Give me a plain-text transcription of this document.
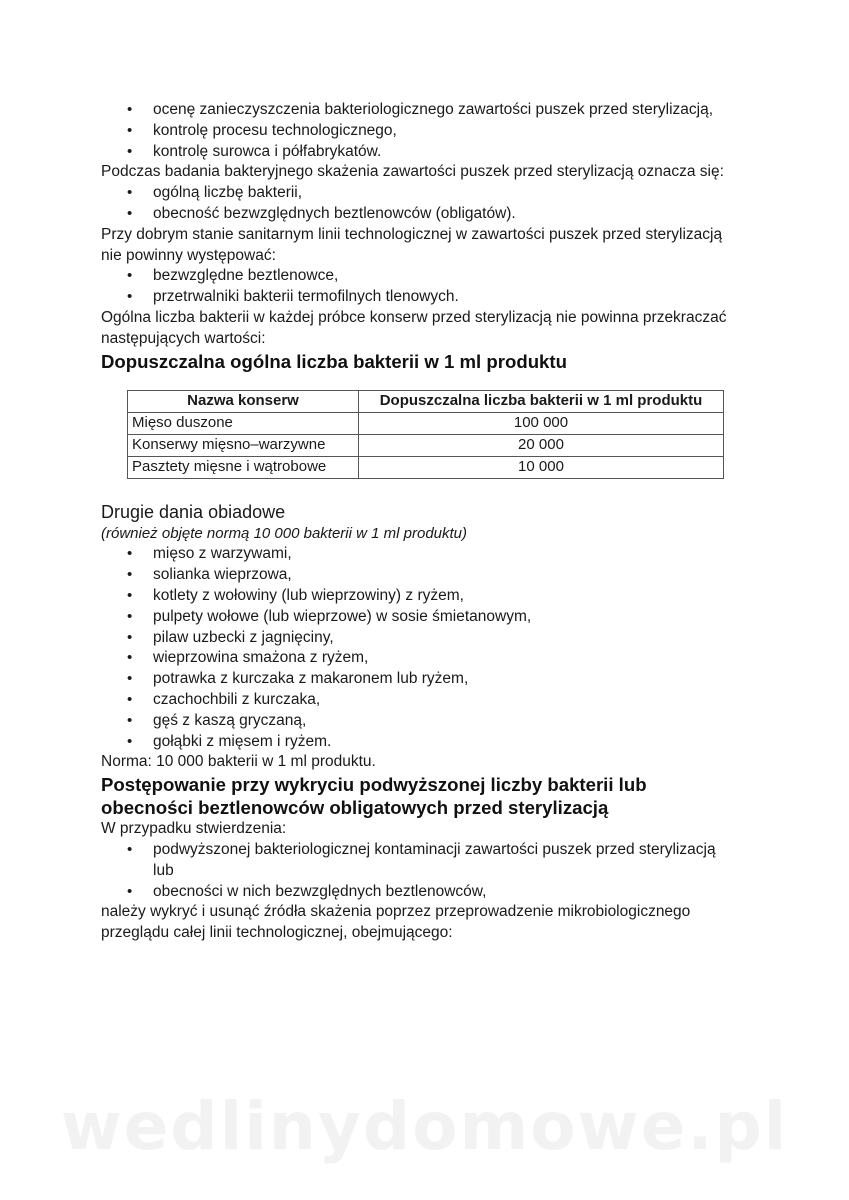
• ocenę zanieczyszczenia bakteriologicznego zawartości puszek przed sterylizacją,
• kontrolę procesu technologicznego,
• kontrolę surowca i półfabrykatów.

Podczas badania bakteryjnego skażenia zawartości puszek przed sterylizacją oznacza się:

• ogólną liczbę bakterii,
• obecność bezwzględnych beztlenowców (obligatów).

Przy dobrym stanie sanitarnym linii technologicznej w zawartości puszek przed sterylizacją nie powinny występować:

• bezwzględne beztlenowce,
• przetrwalniki bakterii termofilnych tlenowych.

Ogólna liczba bakterii w każdej próbce konserw przed sterylizacją nie powinna przekraczać następujących wartości:

Dopuszczalna ogólna liczba bakterii w 1 ml produktu
Nazwa konserw	Dopuszczalna liczba bakterii w 1 ml produktu
Mięso duszone	100 000
Konserwy mięsno–warzywne	20 000
Pasztety mięsne i wątrobowe	10 000
Drugie dania obiadowe
(również objęte normą 10 000 bakterii w 1 ml produktu)
• mięso z warzywami,
• solianka wieprzowa,
• kotlety z wołowiny (lub wieprzowiny) z ryżem,
• pulpety wołowe (lub wieprzowe) w sosie śmietanowym,
• pilaw uzbecki z jagnięciny,
• wieprzowina smażona z ryżem,
• potrawka z kurczaka z makaronem lub ryżem,
• czachochbili z kurczaka,
• gęś z kaszą gryczaną,
• gołąbki z mięsem i ryżem.

Norma: 10 000 bakterii w 1 ml produktu.

Postępowanie przy wykryciu podwyższonej liczby bakterii lub obecności beztlenowców obligatowych przed sterylizacją

W przypadku stwierdzenia:

• podwyższonej bakteriologicznej kontaminacji zawartości puszek przed sterylizacją
lub
• obecności w nich bezwzględnych beztlenowców,

należy wykryć i usunąć źródła skażenia poprzez przeprowadzenie mikrobiologicznego przeglądu całej linii technologicznej, obejmującego:

wedlinydomowe.pl
